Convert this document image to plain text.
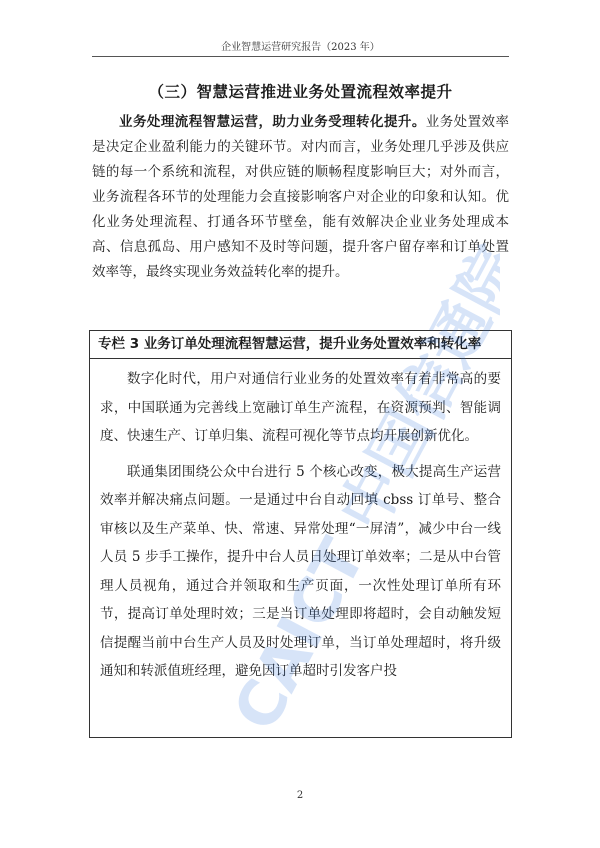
企业智慧运营研究报告（2023 年）
（三）智慧运营推进业务处置流程效率提升

业务处理流程智慧运营，助力业务受理转化提升。业务处置效率是决定企业盈利能力的关键环节。对内而言，业务处理几乎涉及供应链的每一个系统和流程，对供应链的顺畅程度影响巨大；对外而言，业务流程各环节的处理能力会直接影响客户对企业的印象和认知。优化业务处理流程、打通各环节壁垒，能有效解决企业业务处理成本高、信息孤岛、用户感知不及时等问题，提升客户留存率和订单处置效率等，最终实现业务效益转化率的提升。

专栏 3 业务订单处理流程智慧运营，提升业务处置效率和转化率

数字化时代，用户对通信行业业务的处置效率有着非常高的要求，中国联通为完善线上宽融订单生产流程，在资源预判、智能调度、快速生产、订单归集、流程可视化等节点均开展创新优化。

联通集团围绕公众中台进行 5 个核心改变，极大提高生产运营效率并解决痛点问题。一是通过中台自动回填 cbss 订单号、整合审核以及生产菜单、快、常速、异常处理“一屏清”，减少中台一线人员 5 步手工操作，提升中台人员日处理订单效率；二是从中台管理人员视角，通过合并领取和生产页面，一次性处理订单所有环节，提高订单处理时效；三是当订单处理即将超时，会自动触发短信提醒当前中台生产人员及时处理订单，当订单处理超时，将升级通知和转派值班经理，避免因订单超时引发客户投

CAICT 中国信通院
2
